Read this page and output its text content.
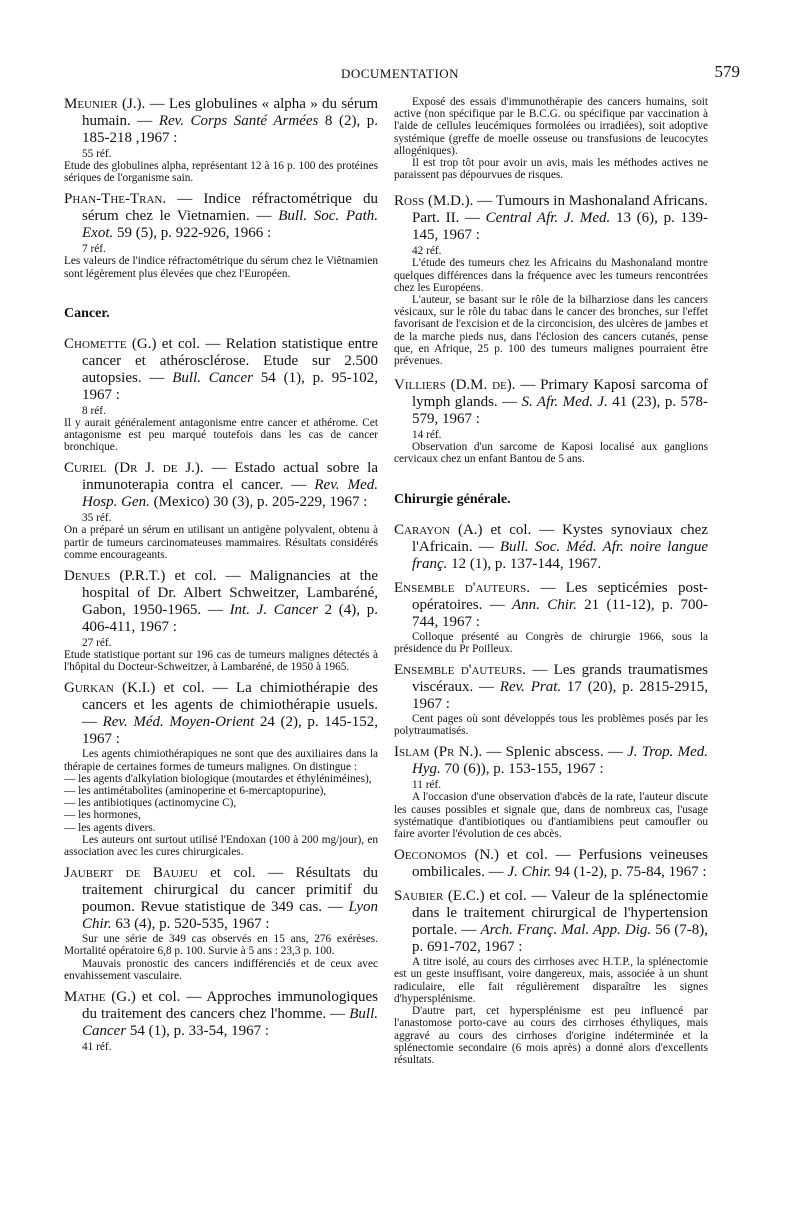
DOCUMENTATION	579

Meunier (J.). — Les globulines « alpha » du sérum humain. — Rev. Corps Santé Armées 8 (2), p. 185-218 ,1967 :

55 réf.

Etude des globulines alpha, représentant 12 à 16 p. 100 des protéines sériques de l'organisme sain.

Phan-The-Tran. — Indice réfractométrique du sérum chez le Vietnamien. — Bull. Soc. Path. Exot. 59 (5), p. 922-926, 1966 :

7 réf.

Les valeurs de l'indice réfractométrique du sérum chez le Viêtnamien sont légèrement plus élevées que chez l'Européen.

Cancer.

Chomette (G.) et col. — Relation statistique entre cancer et athérosclérose. Etude sur 2.500 autopsies. — Bull. Cancer 54 (1), p. 95-102, 1967 :

8 réf.

Il y aurait généralement antagonisme entre cancer et athérome. Cet antagonisme est peu marqué toutefois dans les cas de cancer bronchique.

Curiel (Dr J. de J.). — Estado actual sobre la inmunoterapia contra el cancer. — Rev. Med. Hosp. Gen. (Mexico) 30 (3), p. 205-229, 1967 :

35 réf.

On a préparé un sérum en utilisant un antigène polyvalent, obtenu à partir de tumeurs carcinomateuses mammaires. Résultats considérés comme encourageants.

Denues (P.R.T.) et col. — Malignancies at the hospital of Dr. Albert Schweitzer, Lambaréné, Gabon, 1950-1965. — Int. J. Cancer 2 (4), p. 406-411, 1967 :

27 réf.

Etude statistique portant sur 196 cas de tumeurs malignes détectés à l'hôpital du Docteur-Schweitzer, à Lambaréné, de 1950 à 1965.

Gurkan (K.I.) et col. — La chimiothérapie des cancers et les agents de chimiothérapie usuels. — Rev. Méd. Moyen-Orient 24 (2), p. 145-152, 1967 :

Les agents chimiothérapiques ne sont que des auxiliaires dans la thérapie de certaines formes de tumeurs malignes. On distingue :

— les agents d'alkylation biologique (moutardes et éthyléniméines),

— les antimétabolites (aminoperine et 6-mercaptopurine),

— les antibiotiques (actinomycine C),

— les hormones,

— les agents divers.

Les auteurs ont surtout utilisé l'Endoxan (100 à 200 mg/jour), en association avec les cures chirurgicales.

Jaubert de Baujeu et col. — Résultats du traitement chirurgical du cancer primitif du poumon. Revue statistique de 349 cas. — Lyon Chir. 63 (4), p. 520-535, 1967 :

Sur une série de 349 cas observés en 15 ans, 276 exérèses. Mortalité opératoire 6,8 p. 100. Survie à 5 ans : 23,3 p. 100.

Mauvais pronostic des cancers indifférenciés et de ceux avec envahissement vasculaire.

Mathe (G.) et col. — Approches immunologiques du traitement des cancers chez l'homme. — Bull. Cancer 54 (1), p. 33-54, 1967 :

41 réf.

Exposé des essais d'immunothérapie des cancers humains, soit active (non spécifique par le B.C.G. ou spécifique par vaccination à l'aide de cellules leucémiques formolées ou irradiées), soit adoptive systémique (greffe de moelle osseuse ou transfusions de leucocytes allogéniques).

Il est trop tôt pour avoir un avis, mais les méthodes actives ne paraissent pas dépourvues de risques.

Ross (M.D.). — Tumours in Mashonaland Africans. Part. II. — Central Afr. J. Med. 13 (6), p. 139-145, 1967 :

42 réf.

L'étude des tumeurs chez les Africains du Mashonaland montre quelques différences dans la fréquence avec les tumeurs rencontrées chez les Européens.

L'auteur, se basant sur le rôle de la bilharziose dans les cancers vésicaux, sur le rôle du tabac dans le cancer des bronches, sur l'effet favorisant de l'excision et de la circoncision, des ulcères de jambes et de la marche pieds nus, dans l'éclosion des cancers cutanés, pense que, en Afrique, 25 p. 100 des tumeurs malignes pourraient être prévenues.

Villiers (D.M. de). — Primary Kaposi sarcoma of lymph glands. — S. Afr. Med. J. 41 (23), p. 578-579, 1967 :

14 réf.

Observation d'un sarcome de Kaposi localisé aux ganglions cervicaux chez un enfant Bantou de 5 ans.

Chirurgie générale.

Carayon (A.) et col. — Kystes synoviaux chez l'Africain. — Bull. Soc. Méd. Afr. noire langue franç. 12 (1), p. 137-144, 1967.

Ensemble d'auteurs. — Les septicémies post-opératoires. — Ann. Chir. 21 (11-12), p. 700-744, 1967 :

Colloque présenté au Congrès de chirurgie 1966, sous la présidence du Pr Poilleux.

Ensemble d'auteurs. — Les grands traumatismes viscéraux. — Rev. Prat. 17 (20), p. 2815-2915, 1967 :

Cent pages où sont développés tous les problèmes posés par les polytraumatisés.

Islam (Pr N.). — Splenic abscess. — J. Trop. Med. Hyg. 70 (6)), p. 153-155, 1967 :

11 réf.

A l'occasion d'une observation d'abcès de la rate, l'auteur discute les causes possibles et signale que, dans de nombreux cas, l'usage systématique d'antibiotiques ou d'antiamibiens peut camoufler ou faire avorter l'évolution de ces abcès.

Oeconomos (N.) et col. — Perfusions veineuses ombilicales. — J. Chir. 94 (1-2), p. 75-84, 1967 :

Saubier (E.C.) et col. — Valeur de la splénectomie dans le traitement chirurgical de l'hypertension portale. — Arch. Franç. Mal. App. Dig. 56 (7-8), p. 691-702, 1967 :

A titre isolé, au cours des cirrhoses avec H.T.P., la splénectomie est un geste insuffisant, voire dangereux, mais, associée à un shunt radiculaire, elle fait régulièrement disparaître les signes d'hypersplénisme.

D'autre part, cet hypersplénisme est peu influencé par l'anastomose porto-cave au cours des cirrhoses éthyliques, mais aggravé au cours des cirrhoses d'origine indéterminée et la splénectomie secondaire (6 mois après) a donné alors d'excellents résultats.
